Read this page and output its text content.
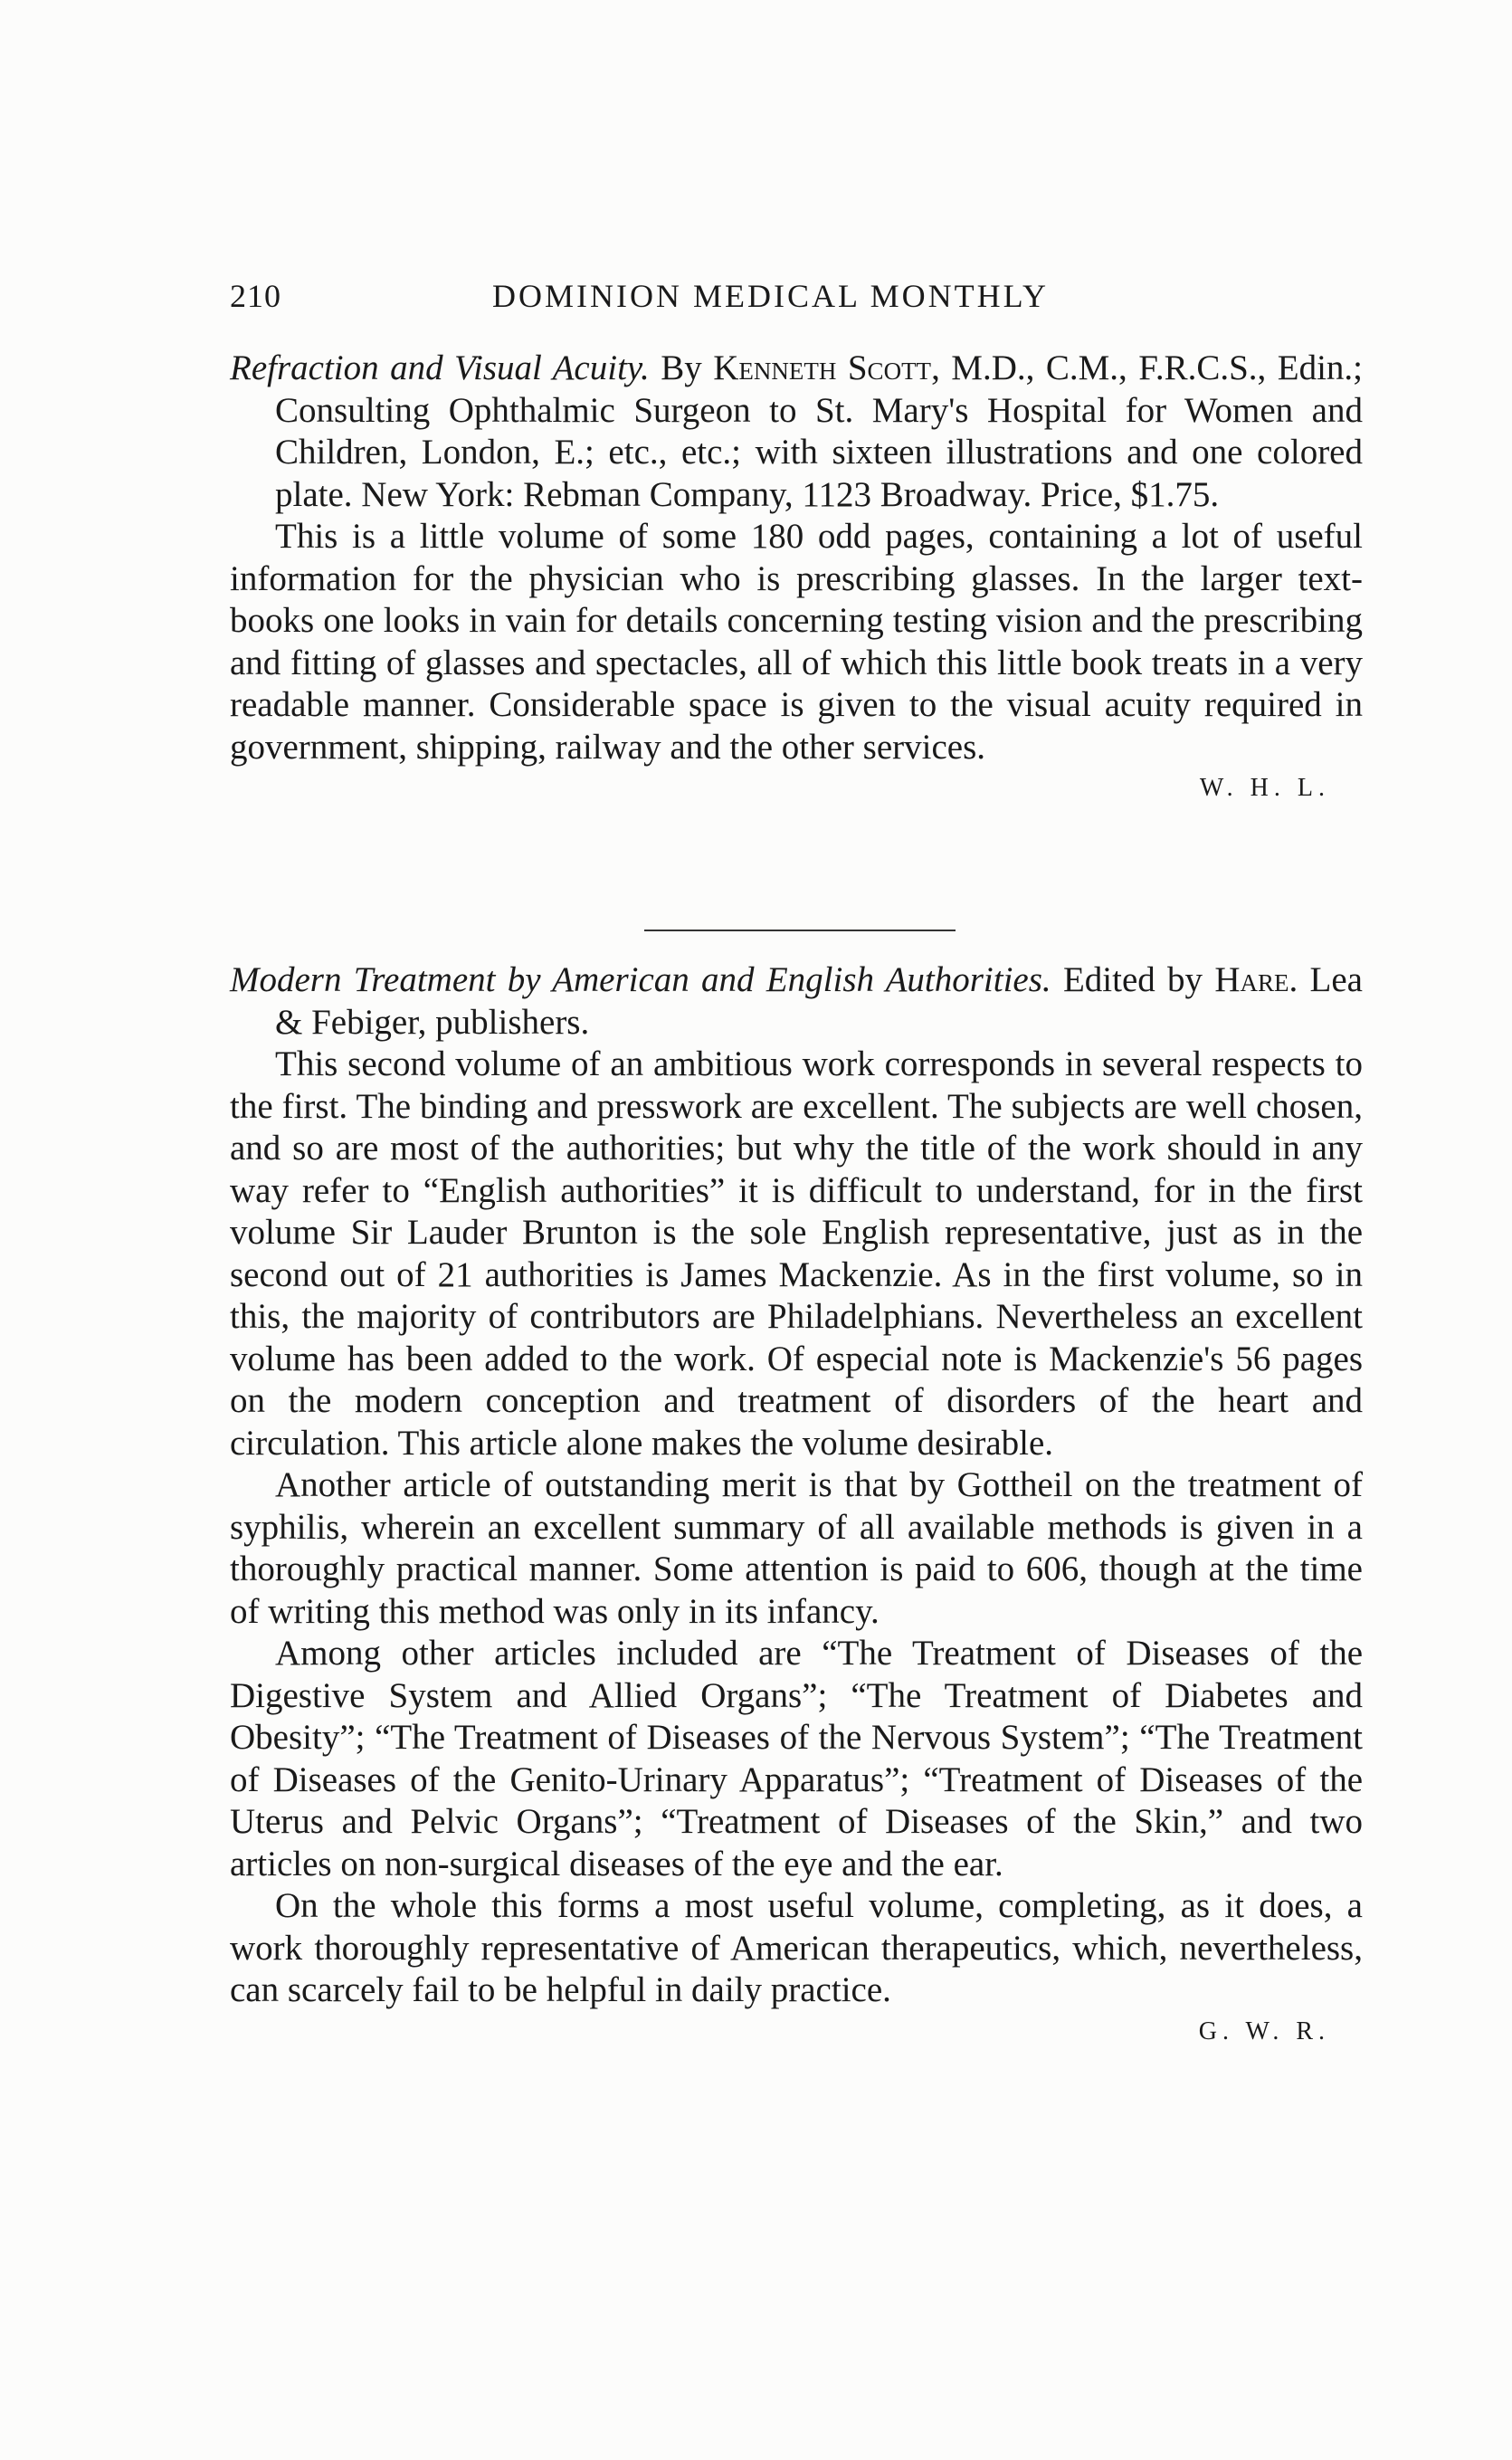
210	DOMINION MEDICAL MONTHLY

Refraction and Visual Acuity. By Kenneth Scott, M.D., C.M., F.R.C.S., Edin.; Consulting Ophthalmic Surgeon to St. Mary's Hospital for Women and Children, London, E.; etc., etc.; with sixteen illustrations and one colored plate. New York: Rebman Company, 1123 Broadway. Price, $1.75.

This is a little volume of some 180 odd pages, containing a lot of useful information for the physician who is prescribing glasses. In the larger text-books one looks in vain for details concerning testing vision and the prescribing and fitting of glasses and spectacles, all of which this little book treats in a very readable manner. Considerable space is given to the visual acuity required in government, shipping, railway and the other services.

W. H. L.

Modern Treatment by American and English Authorities. Edited by Hare. Lea & Febiger, publishers.

This second volume of an ambitious work corresponds in several respects to the first. The binding and presswork are excellent. The subjects are well chosen, and so are most of the authorities; but why the title of the work should in any way refer to “English authorities” it is difficult to understand, for in the first volume Sir Lauder Brunton is the sole English representative, just as in the second out of 21 authorities is James Mackenzie. As in the first volume, so in this, the majority of contributors are Philadelphians. Nevertheless an excellent volume has been added to the work. Of especial note is Mackenzie's 56 pages on the modern conception and treatment of disorders of the heart and circulation. This article alone makes the volume desirable.

Another article of outstanding merit is that by Gottheil on the treatment of syphilis, wherein an excellent summary of all available methods is given in a thoroughly practical manner. Some attention is paid to 606, though at the time of writing this method was only in its infancy.

Among other articles included are “The Treatment of Diseases of the Digestive System and Allied Organs”; “The Treatment of Diabetes and Obesity”; “The Treatment of Diseases of the Nervous System”; “The Treatment of Diseases of the Genito-Urinary Apparatus”; “Treatment of Diseases of the Uterus and Pelvic Organs”; “Treatment of Diseases of the Skin,” and two articles on non-surgical diseases of the eye and the ear.

On the whole this forms a most useful volume, completing, as it does, a work thoroughly representative of American therapeutics, which, nevertheless, can scarcely fail to be helpful in daily practice.

G. W. R.
